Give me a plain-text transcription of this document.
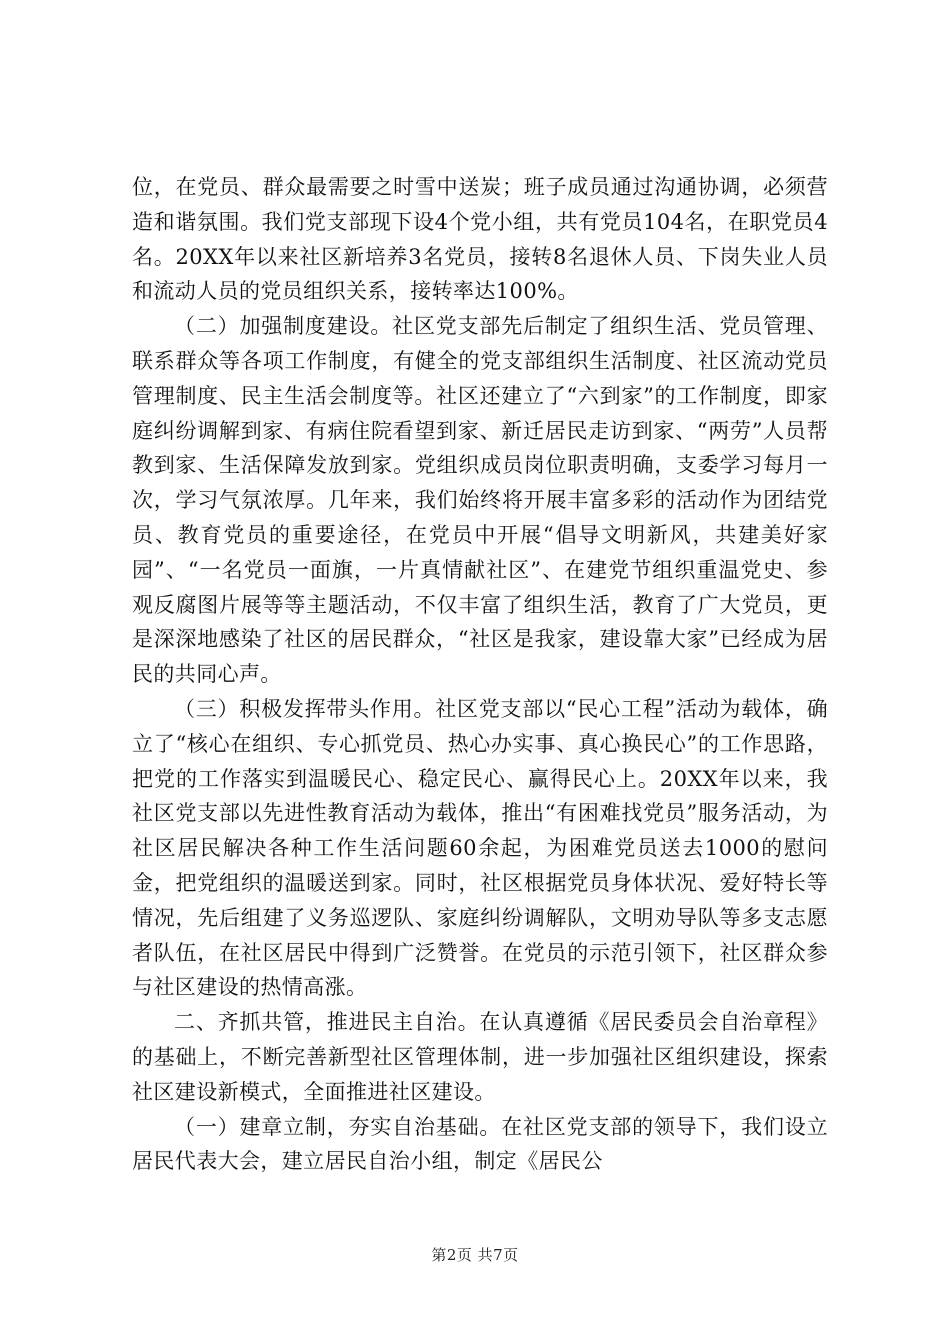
位，在党员、群众最需要之时雪中送炭；班子成员通过沟通协调，必须营造和谐氛围。我们党支部现下设4个党小组，共有党员104名，在职党员4名。20XX年以来社区新培养3名党员，接转8名退休人员、下岗失业人员和流动人员的党员组织关系，接转率达100%。

（二）加强制度建设。社区党支部先后制定了组织生活、党员管理、联系群众等各项工作制度，有健全的党支部组织生活制度、社区流动党员管理制度、民主生活会制度等。社区还建立了“六到家”的工作制度，即家庭纠纷调解到家、有病住院看望到家、新迁居民走访到家、“两劳”人员帮教到家、生活保障发放到家。党组织成员岗位职责明确，支委学习每月一次，学习气氛浓厚。几年来，我们始终将开展丰富多彩的活动作为团结党员、教育党员的重要途径，在党员中开展“倡导文明新风，共建美好家园”、“一名党员一面旗，一片真情献社区”、在建党节组织重温党史、参观反腐图片展等等主题活动，不仅丰富了组织生活，教育了广大党员，更是深深地感染了社区的居民群众，“社区是我家，建设靠大家”已经成为居民的共同心声。

（三）积极发挥带头作用。社区党支部以“民心工程”活动为载体，确立了“核心在组织、专心抓党员、热心办实事、真心换民心”的工作思路，把党的工作落实到温暖民心、稳定民心、赢得民心上。20XX年以来，我社区党支部以先进性教育活动为载体，推出“有困难找党员”服务活动，为社区居民解决各种工作生活问题60余起，为困难党员送去1000的慰问金，把党组织的温暖送到家。同时，社区根据党员身体状况、爱好特长等情况，先后组建了义务巡逻队、家庭纠纷调解队，文明劝导队等多支志愿者队伍，在社区居民中得到广泛赞誉。在党员的示范引领下，社区群众参与社区建设的热情高涨。

二、齐抓共管，推进民主自治。在认真遵循《居民委员会自治章程》的基础上，不断完善新型社区管理体制，进一步加强社区组织建设，探索社区建设新模式，全面推进社区建设。

（一）建章立制，夯实自治基础。在社区党支部的领导下，我们设立居民代表大会，建立居民自治小组，制定《居民公

第2页 共7页
